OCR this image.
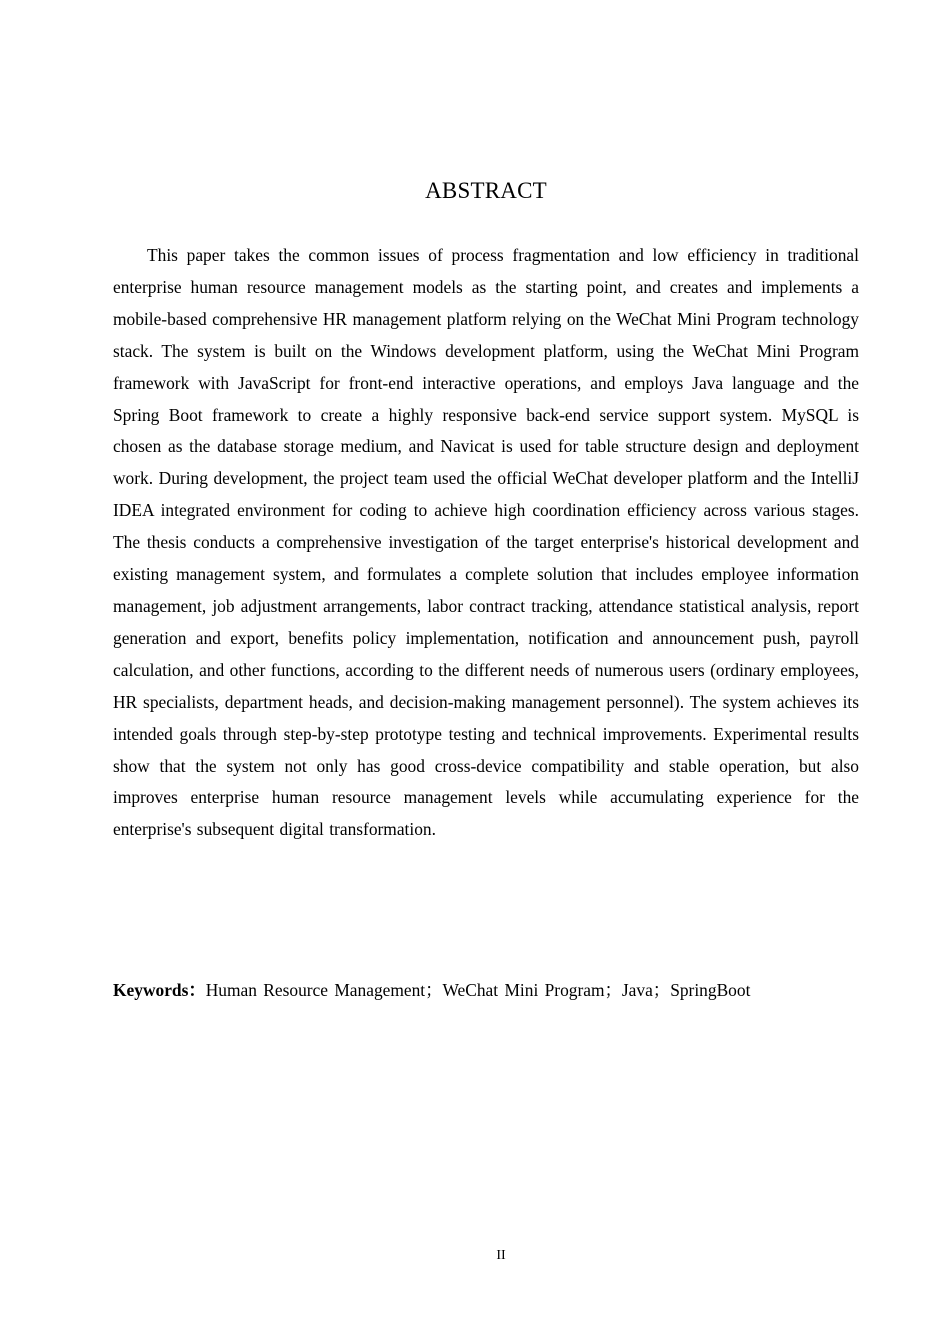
ABSTRACT

This paper takes the common issues of process fragmentation and low efficiency in traditional enterprise human resource management models as the starting point, and creates and implements a mobile-based comprehensive HR management platform relying on the WeChat Mini Program technology stack. The system is built on the Windows development platform, using the WeChat Mini Program framework with JavaScript for front-end interactive operations, and employs Java language and the Spring Boot framework to create a highly responsive back-end service support system. MySQL is chosen as the database storage medium, and Navicat is used for table structure design and deployment work. During development, the project team used the official WeChat developer platform and the IntelliJ IDEA integrated environment for coding to achieve high coordination efficiency across various stages. The thesis conducts a comprehensive investigation of the target enterprise's historical development and existing management system, and formulates a complete solution that includes employee information management, job adjustment arrangements, labor contract tracking, attendance statistical analysis, report generation and export, benefits policy implementation, notification and announcement push, payroll calculation, and other functions, according to the different needs of numerous users (ordinary employees, HR specialists, department heads, and decision-making management personnel). The system achieves its intended goals through step-by-step prototype testing and technical improvements. Experimental results show that the system not only has good cross-device compatibility and stable operation, but also improves enterprise human resource management levels while accumulating experience for the enterprise's subsequent digital transformation.

Keywords：Human Resource Management；WeChat Mini Program；Java；SpringBoot
II
